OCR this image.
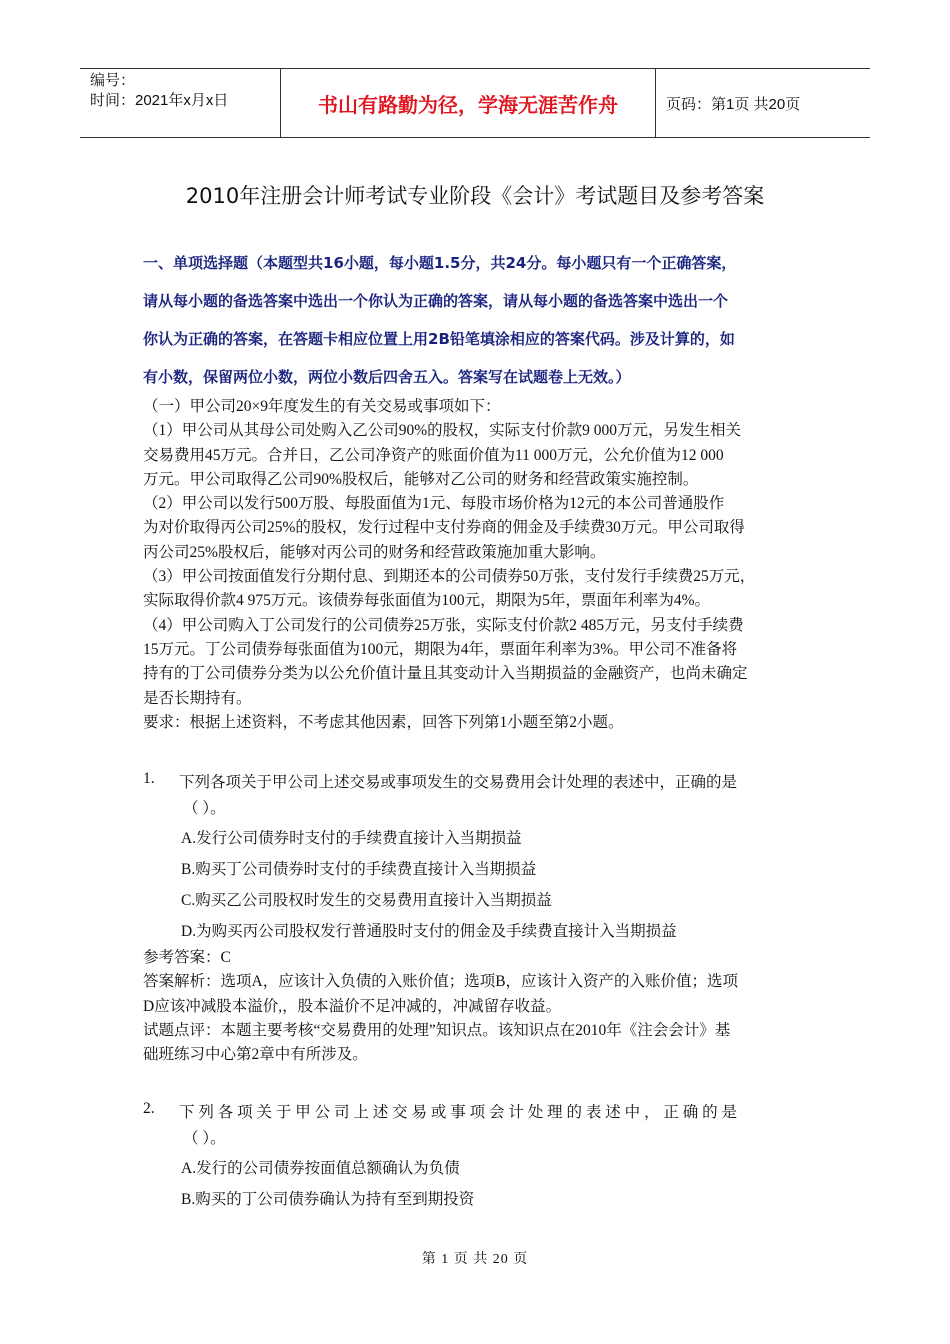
编号：
时间：2021年x月x日	书山有路勤为径，学海无涯苦作舟	页码：第1页 共20页
2010年注册会计师考试专业阶段《会计》考试题目及参考答案

一、单项选择题（本题型共16小题，每小题1.5分，共24分。每小题只有一个正确答案，

请从每小题的备选答案中选出一个你认为正确的答案，请从每小题的备选答案中选出一个

你认为正确的答案，在答题卡相应位置上用2B铅笔填涂相应的答案代码。涉及计算的，如

有小数，保留两位小数，两位小数后四舍五入。答案写在试题卷上无效。）

（一）甲公司20×9年度发生的有关交易或事项如下：

（1）甲公司从其母公司处购入乙公司90%的股权，实际支付价款9 000万元，另发生相关

交易费用45万元。合并日，乙公司净资产的账面价值为11 000万元，公允价值为12 000

万元。甲公司取得乙公司90%股权后，能够对乙公司的财务和经营政策实施控制。

（2）甲公司以发行500万股、每股面值为1元、每股市场价格为12元的本公司普通股作

为对价取得丙公司25%的股权，发行过程中支付券商的佣金及手续费30万元。甲公司取得

丙公司25%股权后，能够对丙公司的财务和经营政策施加重大影响。

（3）甲公司按面值发行分期付息、到期还本的公司债券50万张，支付发行手续费25万元，

实际取得价款4 975万元。该债券每张面值为100元，期限为5年，票面年利率为4%。

（4）甲公司购入丁公司发行的公司债券25万张，实际支付价款2 485万元，另支付手续费

15万元。丁公司债券每张面值为100元，期限为4年，票面年利率为3%。甲公司不准备将

持有的丁公司债券分类为以公允价值计量且其变动计入当期损益的金融资产，也尚未确定

是否长期持有。

要求：根据上述资料，不考虑其他因素，回答下列第1小题至第2小题。

1. 下列各项关于甲公司上述交易或事项发生的交易费用会计处理的表述中，正确的是
（ ）。
A.发行公司债券时支付的手续费直接计入当期损益
B.购买丁公司债券时支付的手续费直接计入当期损益
C.购买乙公司股权时发生的交易费用直接计入当期损益
D.为购买丙公司股权发行普通股时支付的佣金及手续费直接计入当期损益

参考答案：C

答案解析：选项A，应该计入负债的入账价值；选项B，应该计入资产的入账价值；选项

D应该冲减股本溢价,，股本溢价不足冲减的，冲减留存收益。

试题点评：本题主要考核“交易费用的处理”知识点。该知识点在2010年《注会会计》基

础班练习中心第2章中有所涉及。

2. 下 列 各 项 关 于 甲 公 司 上 述 交 易 或 事 项 会 计 处 理 的 表 述 中 ， 正 确 的 是
（ ）。
A.发行的公司债券按面值总额确认为负债
B.购买的丁公司债券确认为持有至到期投资
第 1 页 共 20 页
